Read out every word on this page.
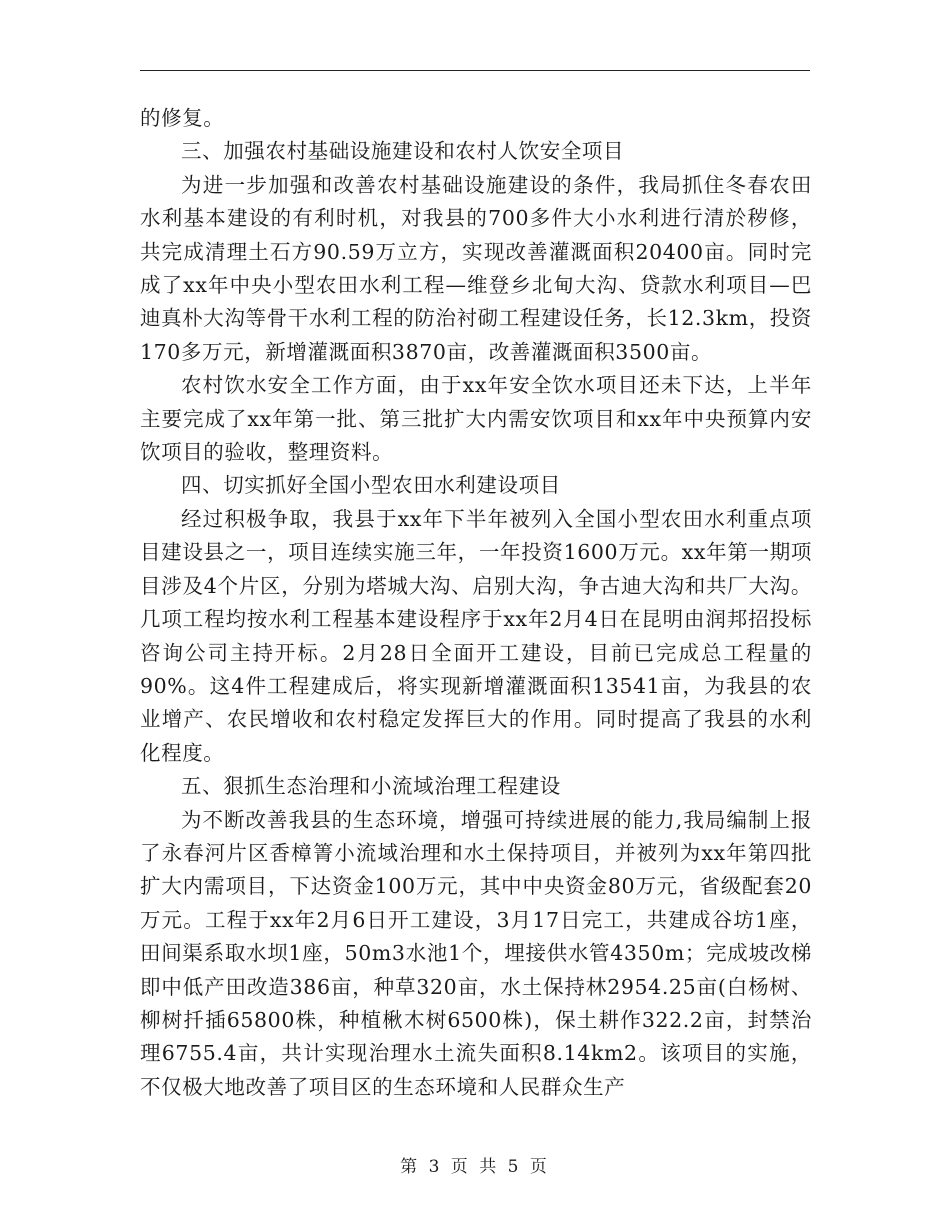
的修复。

三、加强农村基础设施建设和农村人饮安全项目

为进一步加强和改善农村基础设施建设的条件，我局抓住冬春农田水利基本建设的有利时机，对我县的700多件大小水利进行清於秽修，共完成清理土石方90.59万立方，实现改善灌溉面积20400亩。同时完成了xx年中央小型农田水利工程—维登乡北甸大沟、贷款水利项目—巴迪真朴大沟等骨干水利工程的防治衬砌工程建设任务，长12.3km，投资170多万元，新增灌溉面积3870亩，改善灌溉面积3500亩。

农村饮水安全工作方面，由于xx年安全饮水项目还未下达，上半年主要完成了xx年第一批、第三批扩大内需安饮项目和xx年中央预算内安饮项目的验收，整理资料。

四、切实抓好全国小型农田水利建设项目

经过积极争取，我县于xx年下半年被列入全国小型农田水利重点项目建设县之一，项目连续实施三年，一年投资1600万元。xx年第一期项目涉及4个片区，分别为塔城大沟、启别大沟，争古迪大沟和共厂大沟。几项工程均按水利工程基本建设程序于xx年2月4日在昆明由润邦招投标咨询公司主持开标。2月28日全面开工建设，目前已完成总工程量的90%。这4件工程建成后，将实现新增灌溉面积13541亩，为我县的农业增产、农民增收和农村稳定发挥巨大的作用。同时提高了我县的水利化程度。

五、狠抓生态治理和小流域治理工程建设

为不断改善我县的生态环境，增强可持续进展的能力,我局编制上报了永春河片区香樟箐小流域治理和水土保持项目，并被列为xx年第四批扩大内需项目，下达资金100万元，其中中央资金80万元，省级配套20万元。工程于xx年2月6日开工建设，3月17日完工，共建成谷坊1座，田间渠系取水坝1座，50m3水池1个，埋接供水管4350m；完成坡改梯即中低产田改造386亩，种草320亩，水土保持林2954.25亩(白杨树、柳树扦插65800株，种植楸木树6500株)，保土耕作322.2亩，封禁治理6755.4亩，共计实现治理水土流失面积8.14km2。该项目的实施，不仅极大地改善了项目区的生态环境和人民群众生产

第 3 页 共 5 页
